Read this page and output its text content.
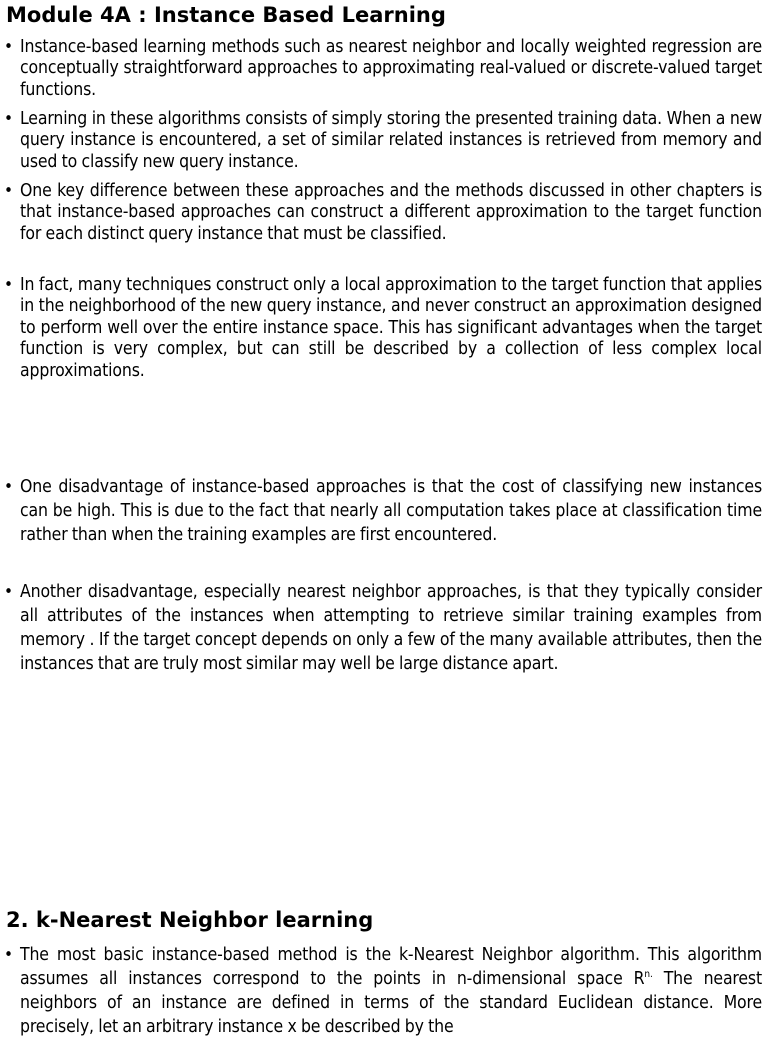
Module 4A : Instance Based Learning
• Instance-based learning methods such as nearest neighbor and locally weighted regression are conceptually straightforward approaches to approximating real-valued or discrete-valued target functions.
• Learning in these algorithms consists of simply storing the presented training data. When a new query instance is encountered, a set of similar related instances is retrieved from memory and used to classify new query instance.
• One key difference between these approaches and the methods discussed in other chapters is that instance-based approaches can construct a different approximation to the target function for each distinct query instance that must be classified.
• In fact, many techniques construct only a local approximation to the target function that applies in the neighborhood of the new query instance, and never construct an approximation designed to perform well over the entire instance space. This has significant advantages when the target function is very complex, but can still be described by a collection of less complex local approximations.
• One disadvantage of instance-based approaches is that the cost of classifying new instances can be high. This is due to the fact that nearly all computation takes place at classification time rather than when the training examples are first encountered.
• Another disadvantage, especially nearest neighbor approaches, is that they typically consider all attributes of the instances when attempting to retrieve similar training examples from memory . If the target concept depends on only a few of the many available attributes, then the instances that are truly most similar may well be large distance apart.
2. k-Nearest Neighbor learning
• The most basic instance-based method is the k-Nearest Neighbor algorithm. This algorithm assumes all instances correspond to the points in n-dimensional space $R^{n.}$ The nearest neighbors of an instance are defined in terms of the standard Euclidean distance. More precisely, let an arbitrary instance x be described by the
